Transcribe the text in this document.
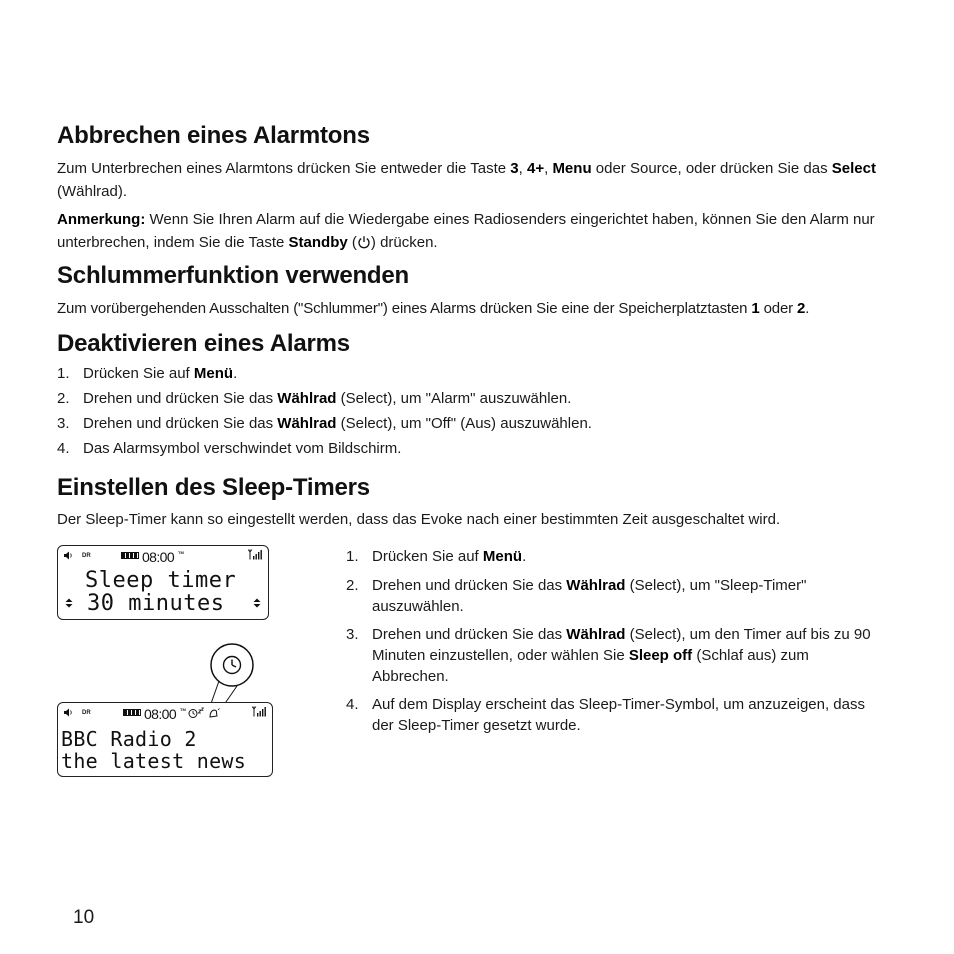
Abbrechen eines Alarmtons

Zum Unterbrechen eines Alarmtons drücken Sie entweder die Taste 3, 4+, Menu oder Source, oder drücken Sie das Select (Wählrad).

Anmerkung: Wenn Sie Ihren Alarm auf die Wiedergabe eines Radiosenders eingerichtet haben, können Sie den Alarm nur unterbrechen, indem Sie die Taste Standby ( ) drücken.

Schlummerfunktion verwenden

Zum vorübergehenden Ausschalten ("Schlummer") eines Alarms drücken Sie eine der Speicherplatztasten 1 oder 2.

Deaktivieren eines Alarms
1. Drücken Sie auf Menü.
2. Drehen und drücken Sie das Wählrad (Select), um "Alarm" auszuwählen.
3. Drehen und drücken Sie das Wählrad (Select), um "Off" (Aus) auszuwählen.
4. Das Alarmsymbol verschwindet vom Bildschirm.
Einstellen des Sleep-Timers

Der Sleep-Timer kann so eingestellt werden, dass das Evoke nach einer bestimmten Zeit ausgeschaltet wird.

1. Drücken Sie auf Menü.
2. Drehen und drücken Sie das Wählrad (Select), um "Sleep-Timer" auszuwählen.
3. Drehen und drücken Sie das Wählrad (Select), um den Timer auf bis zu 90 Minuten einzustellen, oder wählen Sie Sleep off (Schlaf aus) zum Abbrechen.
4. Auf dem Display erscheint das Sleep-Timer-Symbol, um anzuzeigen, dass der Sleep-Timer gesetzt wurde.
DR	08:00 TM
Sleep timer
30 minutes
DR	08:00 TM
BBC Radio 2
the latest news
10
